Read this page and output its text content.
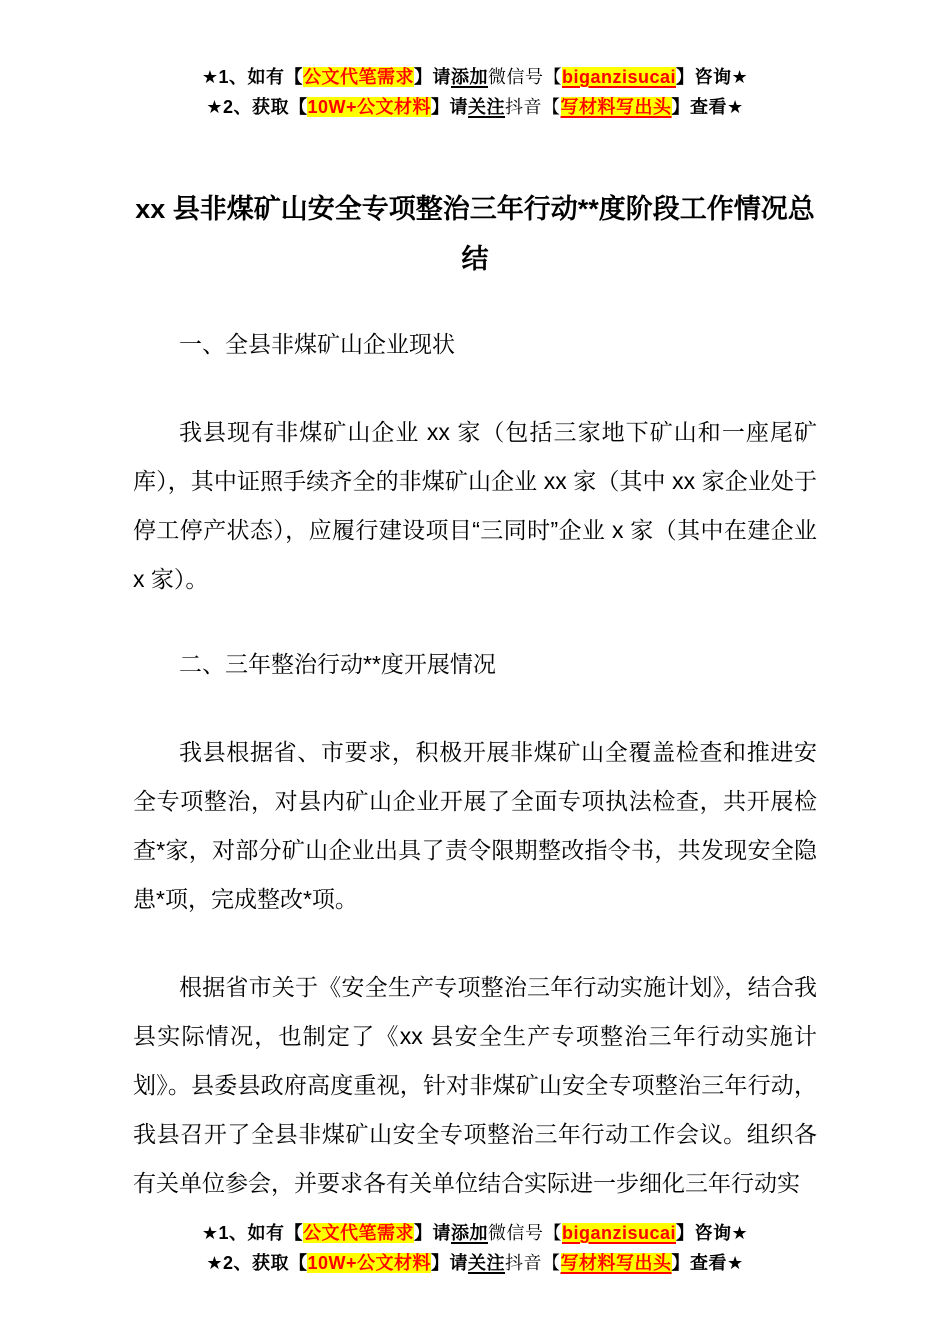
★1、如有【公文代笔需求】请添加微信号【biganzisucai】咨询★
★2、获取【10W+公文材料】请关注抖音【写材料写出头】查看★
xx 县非煤矿山安全专项整治三年行动**度阶段工作情况总结
一、全县非煤矿山企业现状

我县现有非煤矿山企业 xx 家（包括三家地下矿山和一座尾矿库），其中证照手续齐全的非煤矿山企业 xx 家（其中 xx 家企业处于停工停产状态），应履行建设项目“三同时”企业 x 家（其中在建企业 x 家）。

二、三年整治行动**度开展情况

我县根据省、市要求，积极开展非煤矿山全覆盖检查和推进安全专项整治，对县内矿山企业开展了全面专项执法检查，共开展检查*家，对部分矿山企业出具了责令限期整改指令书，共发现安全隐患*项，完成整改*项。

根据省市关于《安全生产专项整治三年行动实施计划》，结合我县实际情况，也制定了《xx 县安全生产专项整治三年行动实施计划》。县委县政府高度重视，针对非煤矿山安全专项整治三年行动，我县召开了全县非煤矿山安全专项整治三年行动工作会议。组织各有关单位参会，并要求各有关单位结合实际进一步细化三年行动实

★1、如有【公文代笔需求】请添加微信号【biganzisucai】咨询★
★2、获取【10W+公文材料】请关注抖音【写材料写出头】查看★
